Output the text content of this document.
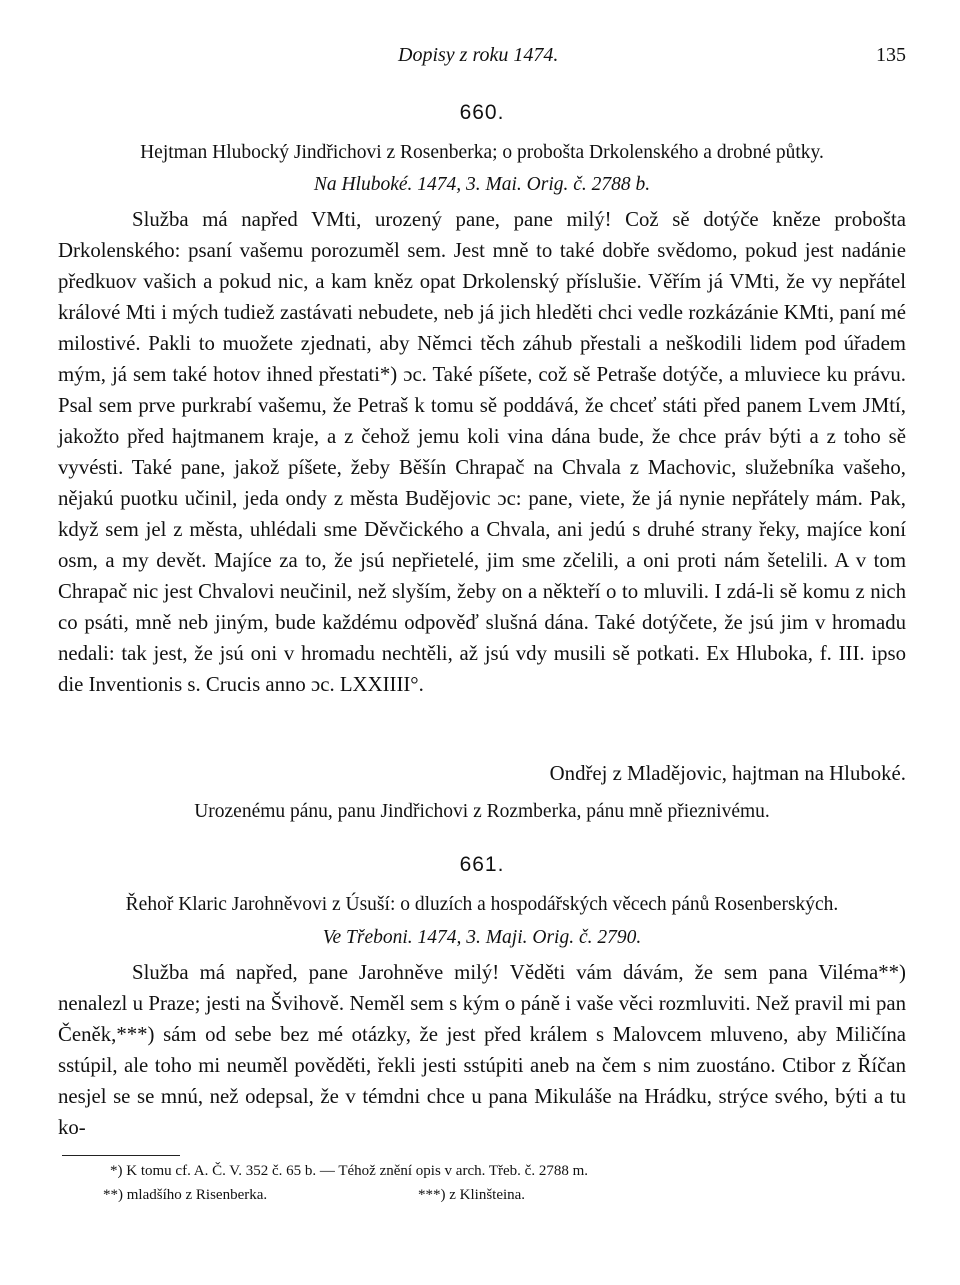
Dopisy z roku 1474.	135
660.
Hejtman Hlubocký Jindřichovi z Rosenberka; o proboštа Drkolenského a drobné půtky.
Na Hluboké. 1474, 3. Mai. Orig. č. 2788 b.

Služba má napřed VMti, urozený pane, pane milý! Což sě dotýče kněze probošta Drkolenského: psaní vašemu porozuměl sem. Jest mně to také dobře svědomo, pokud jest nadánie předkuov vašich a pokud nic, a kam kněz opat Drkolenský příslušie. Věřím já VMti, že vy nepřátel králové Mti i mých tudiež zastávati nebudete, neb já jich hleděti chci vedle rozkázánie KMti, paní mé milostivé. Pakli to muožete zjednati, aby Němci těch záhub přestali a neškodili lidem pod úřadem mým, já sem také hotov ihned přestati*) ɔc. Také píšete, což sě Petraše dotýče, a mluviece ku právu. Psal sem prve purkrabí vašemu, že Petraš k tomu sě poddává, že chceť státi před panem Lvem JMtí, jakožto před hajtmanem kraje, a z čehož jemu koli vina dána bude, že chce práv býti a z toho sě vyvésti. Také pane, jakož píšete, žeby Běšín Chrapač na Chvala z Machovic, služebníka vašeho, nějakú puotku učinil, jeda ondy z města Budějovic ɔc: pane, viete, že já nynie nepřátely mám. Pak, když sem jel z města, uhlédali sme Děvčického a Chvala, ani jedú s druhé strany řeky, majíce koní osm, a my devět. Majíce za to, že jsú nepřietelé, jim sme zčelili, a oni proti nám šetelili. A v tom Chrapač nic jest Chvalovi neučinil, než slyším, žeby on a někteří o to mluvili. I zdá-li sě komu z nich co psáti, mně neb jiným, bude každému odpověď slušná dána. Také dotýčete, že jsú jim v hromadu nedali: tak jest, že jsú oni v hromadu nechtěli, až jsú vdy musili sě potkati. Ex Hluboka, f. III. ipso die Inventionis s. Crucis anno ɔc. LXXIIII°.

Ondřej z Mladějovic, hajtman na Hluboké.
Urozenému pánu, panu Jindřichovi z Rozmberka, pánu mně přieznivému.
661.
Řehoř Klaric Jarohněvovi z Úsuší: o dluzích a hospodářských věcech pánů Rosenberských.
Ve Třeboni. 1474, 3. Maji. Orig. č. 2790.

Služba má napřed, pane Jarohněve milý! Věděti vám dávám, že sem pana Viléma**) nenalezl u Praze; jesti na Švihově. Neměl sem s kým o páně i vaše věci rozmluviti. Než pravil mi pan Čeněk,***) sám od sebe bez mé otázky, že jest před králem s Malovcem mluveno, aby Miličína sstúpil, ale toho mi neuměl pověděti, řekli jesti sstúpiti aneb na čem s nim zuostáno. Ctibor z Říčan nesjel se se mnú, než odepsal, že v témdni chce u pana Mikuláše na Hrádku, strýce svého, býti a tu ko-

*) K tomu cf. A. Č. V. 352 č. 65 b. — Téhož znění opis v arch. Třeb. č. 2788 m.
**) mladšího z Risenberka.	***) z Klinšteina.
